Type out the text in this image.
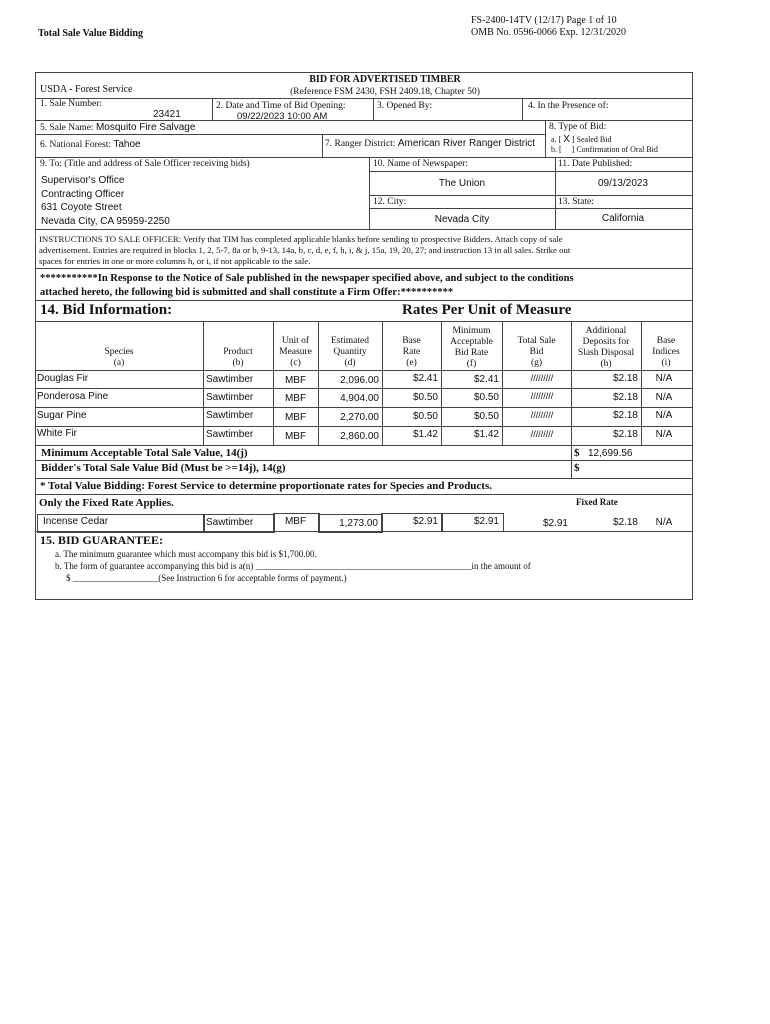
Total Sale Value Bidding
FS-2400-14TV (12/17) Page 1 of 10
OMB No. 0596-0066 Exp. 12/31/2020
USDA - Forest Service
BID FOR ADVERTISED TIMBER
(Reference FSM 2430, FSH 2409.18, Chapter 50)
1. Sale Number:
23421
2. Date and Time of Bid Opening:
09/22/2023 10:00 AM
3. Opened By:	4. In the Presence of:
5. Sale Name: Mosquito Fire Salvage	8. Type of Bid:
6. National Forest: Tahoe	7. Ranger District: American River Ranger District a. [ X ] Sealed Bid
b. [ ] Confirmation of Oral Bid
9. To: (Title and address of Sale Officer receiving bids)
Supervisor's Office
Contracting Officer
631 Coyote Street
Nevada City, CA 95959-2250
10. Name of Newspaper:	11. Date Published:
The Union	09/13/2023
12. City:	13. State:
Nevada City	California
INSTRUCTIONS TO SALE OFFICER: Verify that TIM has completed applicable blanks before sending to prospective Bidders. Attach copy of sale
advertisement. Entries are required in blocks 1, 2, 5-7, 8a or b, 9-13, 14a, b, c, d, e, f, h, i, & j, 15a, 19, 20, 27; and instruction 13 in all sales. Strike out
spaces for entries in one or more columns h, or i, if not applicable to the sale.
***********In Response to the Notice of Sale published in the newspaper specified above, and subject to the conditions
attached hereto, the following bid is submitted and shall constitute a Firm Offer:**********
14. Bid Information:	Rates Per Unit of Measure
Species
(a)
Product
(b)
Unit of
Measure
(c)
Estimated
Quantity
(d)
Base
Rate
(e)
Minimum
Acceptable
Bid Rate
(f)
Total Sale
Bid
(g)
Additional
Deposits for
Slash Disposal
(h)
Base
Indices
(i)
Douglas Fir	Sawtimber	MBF	2,096.00	$2.41	$2.41	/////////	$2.18	N/A
Ponderosa Pine	Sawtimber	MBF	4,904.00	$0.50	$0.50	/////////	$2.18	N/A
Sugar Pine	Sawtimber	MBF	2,270.00	$0.50	$0.50	/////////	$2.18	N/A
White Fir	Sawtimber	MBF	2,860.00	$1.42	$1.42	/////////	$2.18	N/A
Minimum Acceptable Total Sale Value, 14(j)	$ 12,699.56
Bidder's Total Sale Value Bid (Must be >=14j), 14(g)	$
* Total Value Bidding: Forest Service to determine proportionate rates for Species and Products.
Only the Fixed Rate Applies.	Fixed Rate
Incense Cedar	Sawtimber	MBF	1,273.00	$2.91	$2.91	$2.91	$2.18	N/A
15. BID GUARANTEE:
a. The minimum guarantee which must accompany this bid is $1,700.00.
b. The form of guarantee accompanying this bid is a(n) ________________________________________________in the amount of
$ ___________________(See Instruction 6 for acceptable forms of payment.)
